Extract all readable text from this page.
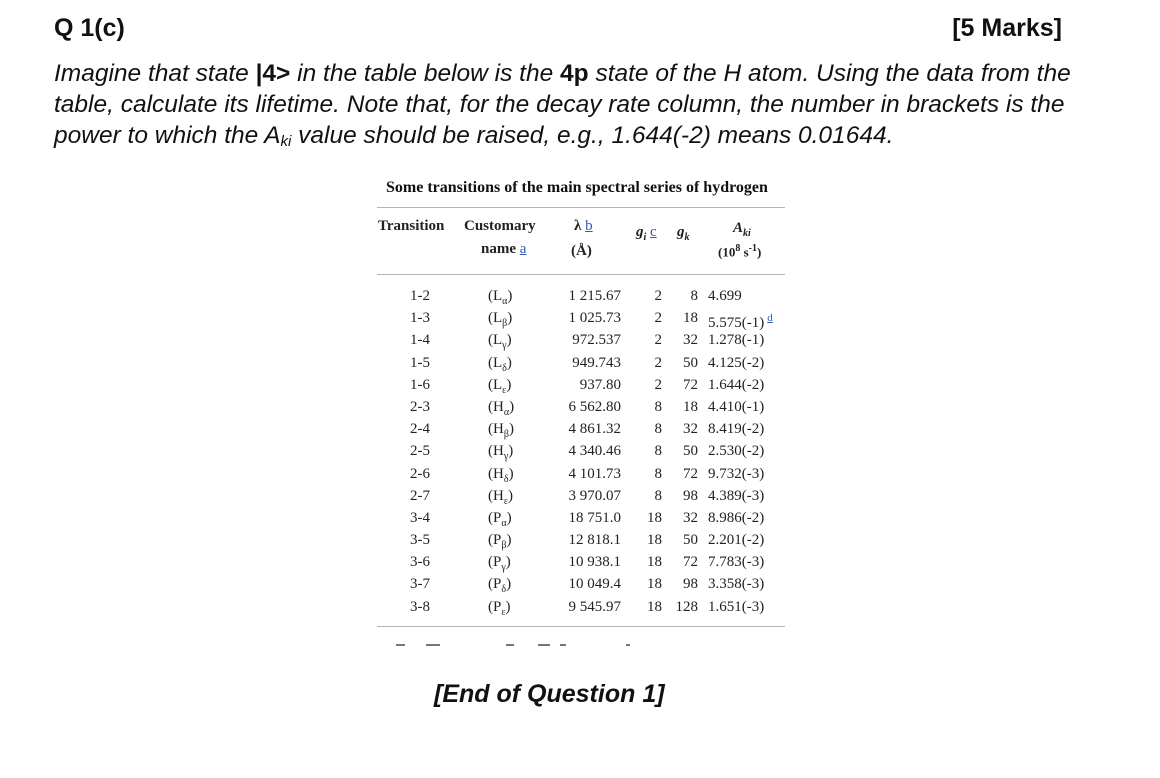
Q 1(c)	[5 Marks]
Imagine that state |4> in the table below is the 4p state of the H atom. Using the data from the table, calculate its lifetime. Note that, for the decay rate column, the number in brackets is the power to which the $A_{ki}$ value should be raised, e.g., 1.644(-2) means 0.01644.
Some transitions of the main spectral series of hydrogen
Transition Customary
name a
λ b
(Å)
$g_i$ c $g_k$
$A_{ki}$
($10^8$ $s^{-1}$)
1-2
1-3
1-4
1-5
1-6
2-3
2-4
2-5
2-6
2-7
3-4
3-5
3-6
3-7
3-8
$(L_\alpha)$
$(L_\beta)$
$(L_\gamma)$
$(L_\delta)$
$(L_\varepsilon)$
$(H_\alpha)$
$(H_\beta)$
$(H_\gamma)$
$(H_\delta)$
$(H_\varepsilon)$
$(P_\alpha)$
$(P_\beta)$
$(P_\gamma)$
$(P_\delta)$
$(P_\varepsilon)$
1 215.67
1 025.73
972.537
949.743
937.80
6 562.80
4 861.32
4 340.46
4 101.73
3 970.07
18 751.0
12 818.1
10 938.1
10 049.4
9 545.97
2
2
2
2
2
8
8
8
8
8
18
18
18
18
18
8
18
32
50
72
18
32
50
72
98
32
50
72
98
128
4.699
5.575(-1) $^d$
1.278(-1)
4.125(-2)
1.644(-2)
4.410(-1)
8.419(-2)
2.530(-2)
9.732(-3)
4.389(-3)
8.986(-2)
2.201(-2)
7.783(-3)
3.358(-3)
1.651(-3)
[End of Question 1]
